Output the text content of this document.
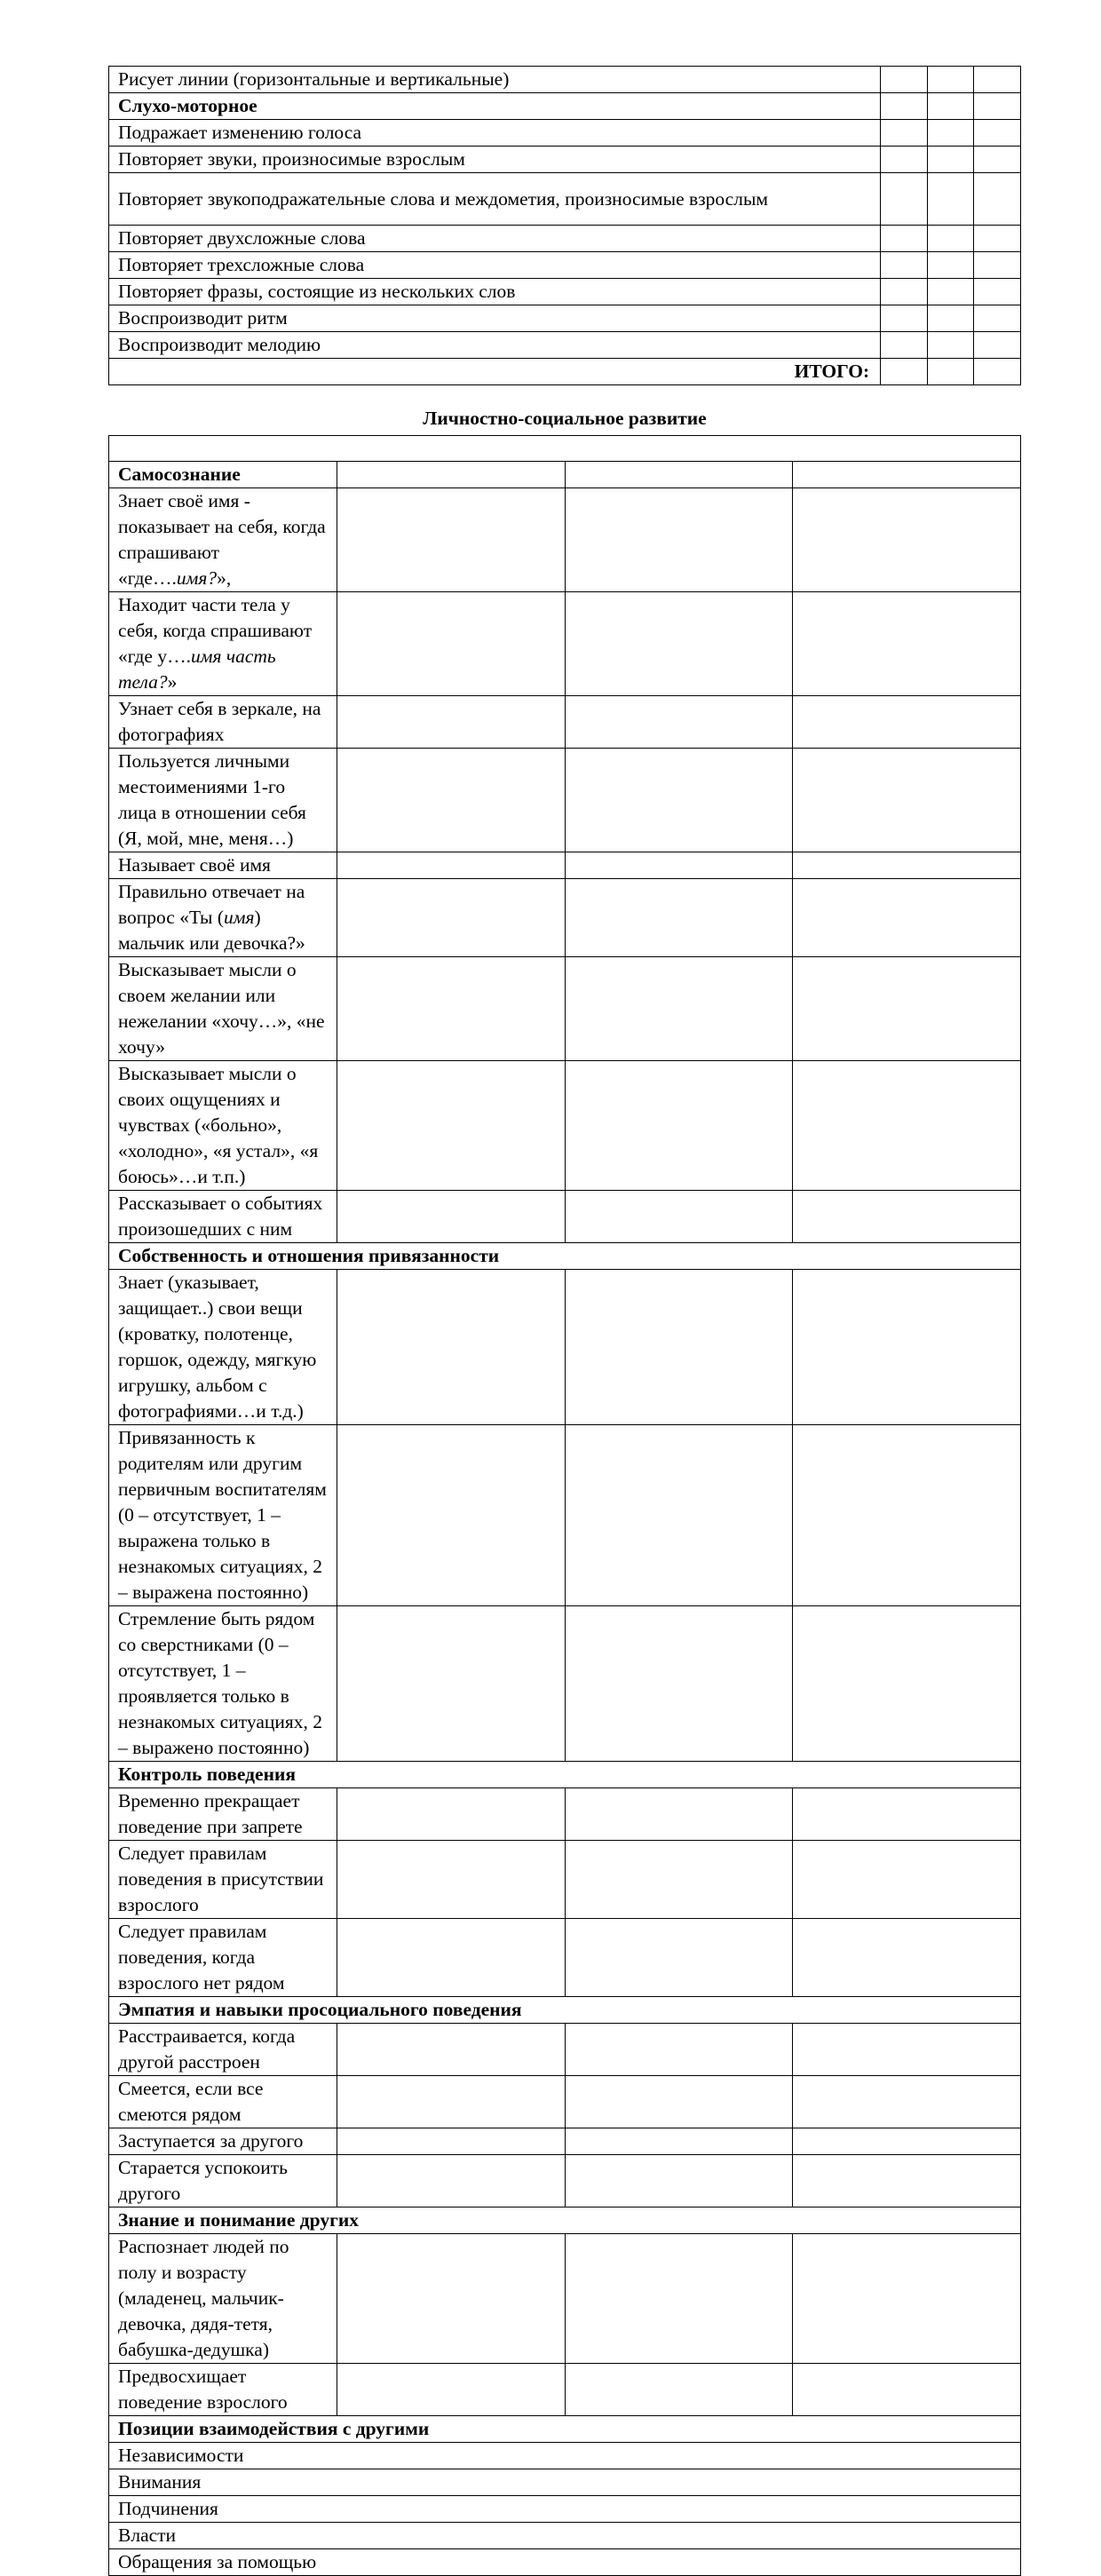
Рисует линии (горизонтальные и вертикальные)			
Слухо-моторное			
Подражает изменению голоса			
Повторяет звуки, произносимые взрослым			
Повторяет звукоподражательные слова и междометия, произносимые взрослым			
Повторяет двухсложные слова			
Повторяет трехсложные слова			
Повторяет фразы, состоящие из нескольких слов			
Воспроизводит ритм			
Воспроизводит мелодию			
ИТОГО:			
Личностно-социальное развитие

Самосознание			
Знает своё имя - показывает на себя, когда спрашивают «где….имя?»,			
Находит части тела у себя, когда спрашивают «где у….имя часть тела?»			
Узнает себя в зеркале, на фотографиях			
Пользуется личными местоимениями 1-го лица в отношении себя (Я, мой, мне, меня…)			
Называет своё имя			
Правильно отвечает на вопрос «Ты (имя) мальчик или девочка?»			
Высказывает мысли о своем желании или нежелании «хочу…», «не хочу»			
Высказывает мысли о своих ощущениях и чувствах («больно», «холодно», «я устал», «я боюсь»…и т.п.)			
Рассказывает о событиях произошедших с ним			
Собственность и отношения привязанности			
Знает (указывает, защищает..) свои вещи (кроватку, полотенце, горшок, одежду, мягкую игрушку, альбом с фотографиями…и т.д.)			
Привязанность к родителям или другим первичным воспитателям (0 – отсутствует, 1 – выражена только в незнакомых ситуациях, 2 – выражена постоянно)			
Стремление быть рядом со сверстниками (0 – отсутствует, 1 – проявляется только в незнакомых ситуациях, 2 – выражено постоянно)			
Контроль поведения			
Временно прекращает поведение при запрете			
Следует правилам поведения в присутствии взрослого			
Следует правилам поведения, когда взрослого нет рядом			
Эмпатия и навыки просоциального поведения			
Расстраивается, когда другой расстроен			
Смеется, если все смеются рядом			
Заступается за другого			
Старается успокоить другого			
Знание и понимание других			
Распознает людей по полу и возрасту (младенец, мальчик-девочка, дядя-тетя, бабушка-дедушка)			
Предвосхищает поведение взрослого			
Позиции взаимодействия с другими			
Независимости			
Внимания			
Подчинения			
Власти			
Обращения за помощью			
